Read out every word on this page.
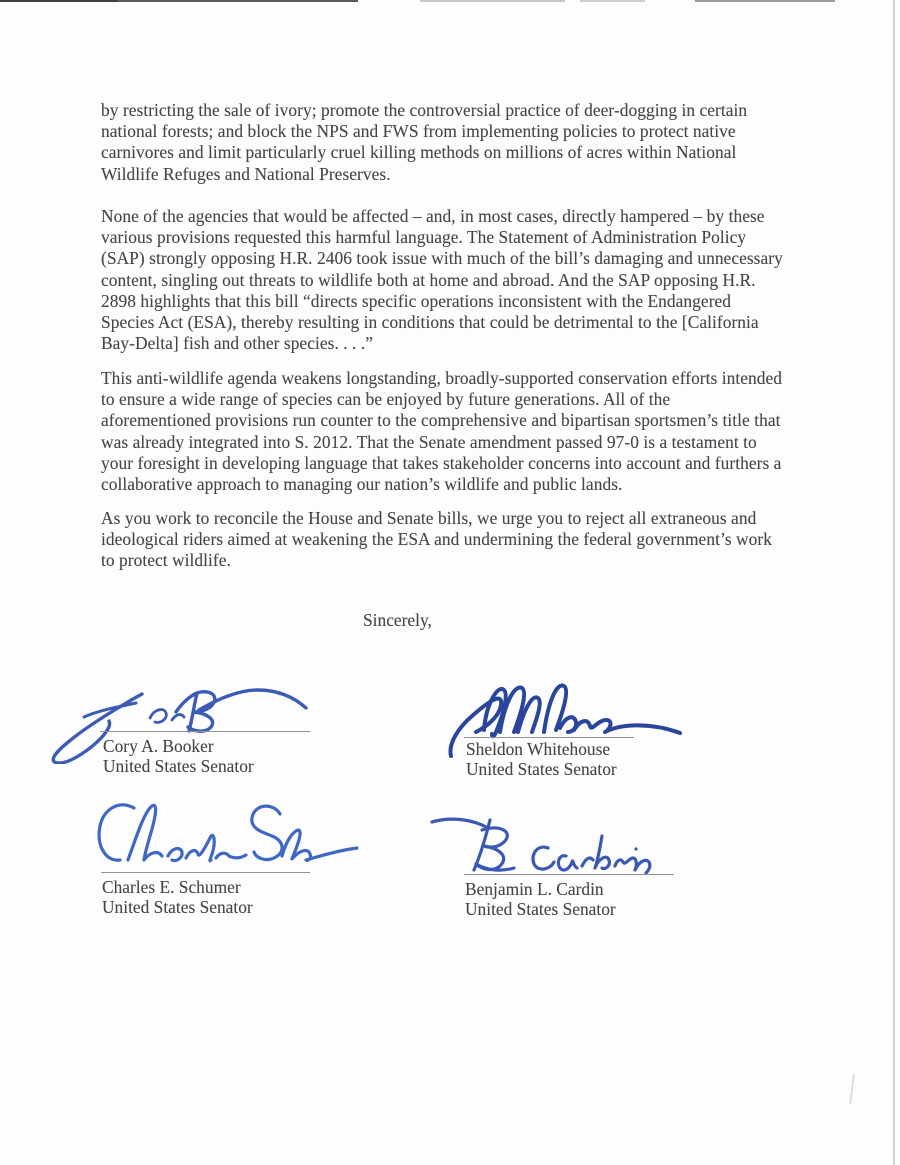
by restricting the sale of ivory; promote the controversial practice of deer-dogging in certain
national forests; and block the NPS and FWS from implementing policies to protect native
carnivores and limit particularly cruel killing methods on millions of acres within National
Wildlife Refuges and National Preserves.
None of the agencies that would be affected – and, in most cases, directly hampered – by these
various provisions requested this harmful language. The Statement of Administration Policy
(SAP) strongly opposing H.R. 2406 took issue with much of the bill’s damaging and unnecessary
content, singling out threats to wildlife both at home and abroad. And the SAP opposing H.R.
2898 highlights that this bill “directs specific operations inconsistent with the Endangered
Species Act (ESA), thereby resulting in conditions that could be detrimental to the [California
Bay-Delta] fish and other species. . . .”
This anti-wildlife agenda weakens longstanding, broadly-supported conservation efforts intended
to ensure a wide range of species can be enjoyed by future generations. All of the
aforementioned provisions run counter to the comprehensive and bipartisan sportsmen’s title that
was already integrated into S. 2012. That the Senate amendment passed 97-0 is a testament to
your foresight in developing language that takes stakeholder concerns into account and furthers a
collaborative approach to managing our nation’s wildlife and public lands.
As you work to reconcile the House and Senate bills, we urge you to reject all extraneous and
ideological riders aimed at weakening the ESA and undermining the federal government’s work
to protect wildlife.
Sincerely,
Cory A. Booker
United States Senator
Sheldon Whitehouse
United States Senator
Charles E. Schumer
United States Senator
Benjamin L. Cardin
United States Senator
